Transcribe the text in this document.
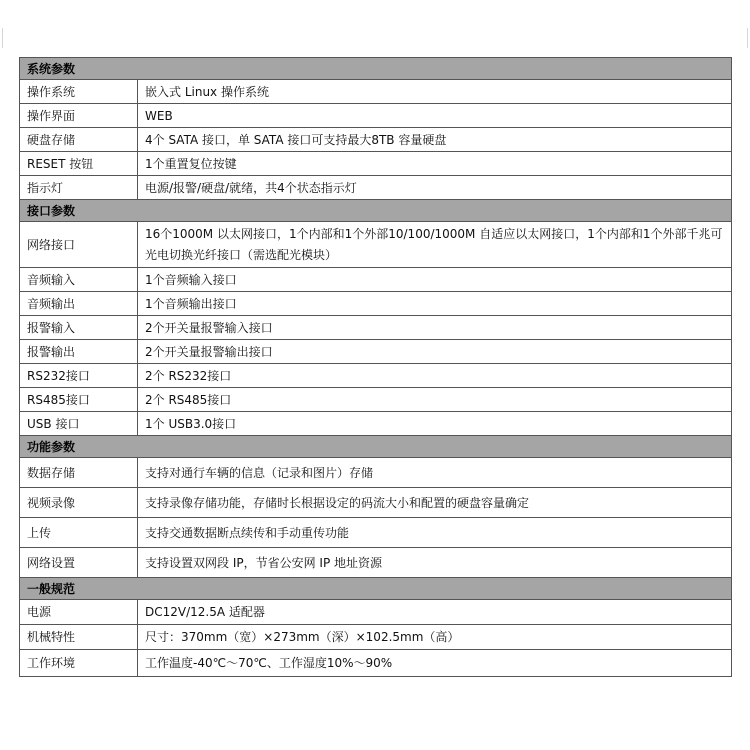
系统参数	
操作系统	嵌入式 Linux 操作系统
操作界面	WEB
硬盘存储	4个 SATA 接口，单 SATA 接口可支持最大8TB 容量硬盘
RESET 按钮	1个重置复位按键
指示灯	电源/报警/硬盘/就绪，共4个状态指示灯
接口参数	
网络接口	16个1000M 以太网接口，1个内部和1个外部10/100/1000M 自适应以太网接口，1个内部和1个外部千兆可光电切换光纤接口（需选配光模块）
音频输入	1个音频输入接口
音频输出	1个音频输出接口
报警输入	2个开关量报警输入接口
报警输出	2个开关量报警输出接口
RS232接口	2个 RS232接口
RS485接口	2个 RS485接口
USB 接口	1个 USB3.0接口
功能参数	
数据存储	支持对通行车辆的信息（记录和图片）存储
视频录像	支持录像存储功能，存储时长根据设定的码流大小和配置的硬盘容量确定
上传	支持交通数据断点续传和手动重传功能
网络设置	支持设置双网段 IP，节省公安网 IP 地址资源
一般规范	
电源	DC12V/12.5A 适配器
机械特性	尺寸：370mm（宽）×273mm（深）×102.5mm（高）
工作环境	工作温度-40℃～70℃、工作湿度10%～90%
